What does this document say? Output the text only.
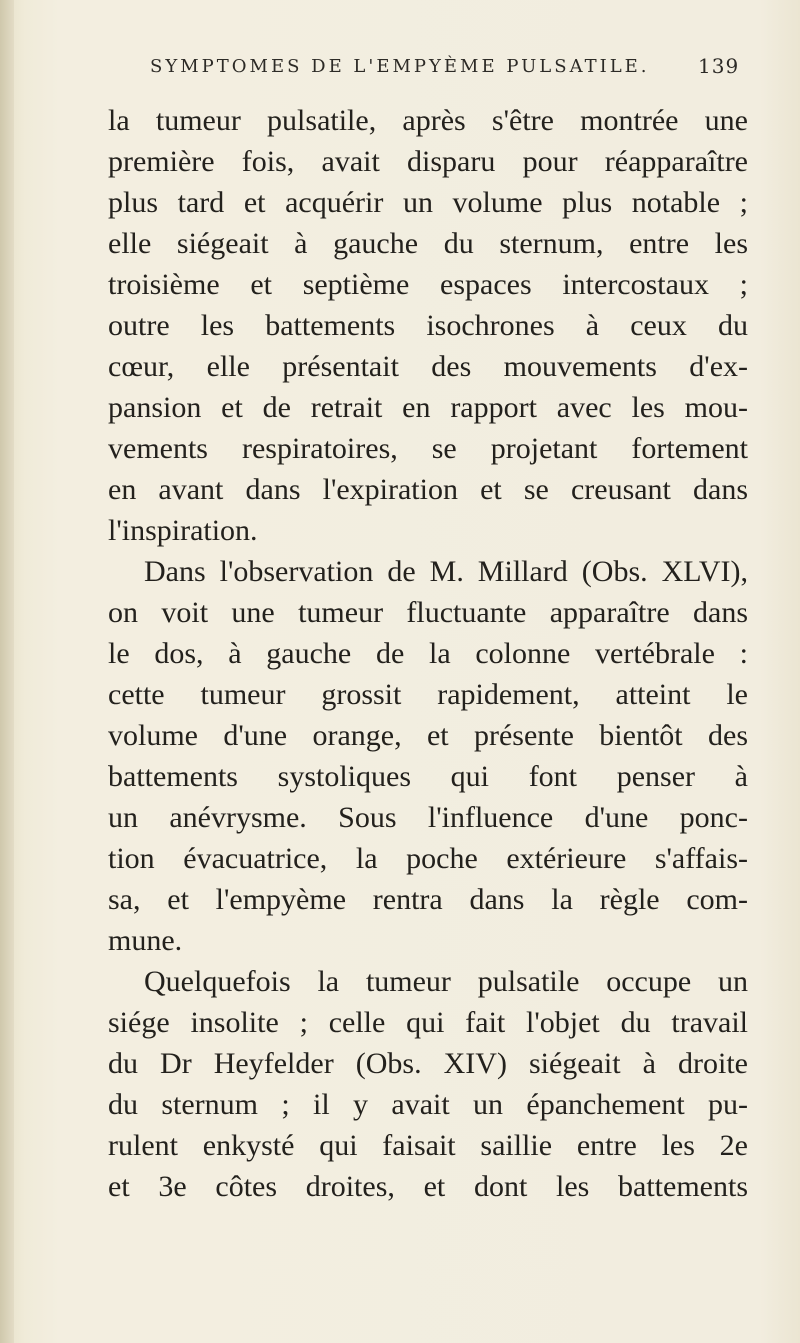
SYMPTOMES DE L'EMPYÈME PULSATILE. 139
la tumeur pulsatile, après s'être montrée une
première fois, avait disparu pour réapparaître
plus tard et acquérir un volume plus notable ;
elle siégeait à gauche du sternum, entre les
troisième et septième espaces intercostaux ;
outre les battements isochrones à ceux du
cœur, elle présentait des mouvements d'ex-
pansion et de retrait en rapport avec les mou-
vements respiratoires, se projetant fortement
en avant dans l'expiration et se creusant dans
l'inspiration.
Dans l'observation de M. Millard (Obs. XLVI),
on voit une tumeur fluctuante apparaître dans
le dos, à gauche de la colonne vertébrale :
cette tumeur grossit rapidement, atteint le
volume d'une orange, et présente bientôt des
battements systoliques qui font penser à
un anévrysme. Sous l'influence d'une ponc-
tion évacuatrice, la poche extérieure s'affais-
sa, et l'empyème rentra dans la règle com-
mune.
Quelquefois la tumeur pulsatile occupe un
siége insolite ; celle qui fait l'objet du travail
du Dr Heyfelder (Obs. XIV) siégeait à droite
du sternum ; il y avait un épanchement pu-
rulent enkysté qui faisait saillie entre les 2e
et 3e côtes droites, et dont les battements
